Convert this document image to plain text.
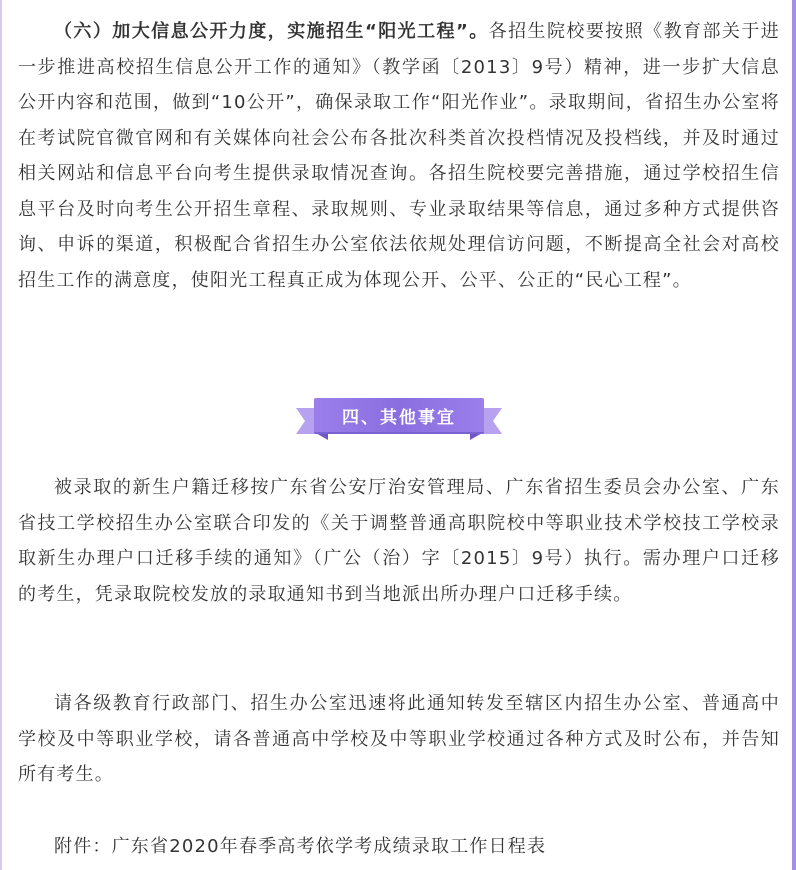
（六）加大信息公开力度，实施招生“阳光工程”。各招生院校要按照《教育部关于进一步推进高校招生信息公开工作的通知》（教学函〔2013〕9号）精神，进一步扩大信息公开内容和范围，做到“10公开”，确保录取工作“阳光作业”。录取期间，省招生办公室将在考试院官微官网和有关媒体向社会公布各批次科类首次投档情况及投档线，并及时通过相关网站和信息平台向考生提供录取情况查询。各招生院校要完善措施，通过学校招生信息平台及时向考生公开招生章程、录取规则、专业录取结果等信息，通过多种方式提供咨询、申诉的渠道，积极配合省招生办公室依法依规处理信访问题，不断提高全社会对高校招生工作的满意度，使阳光工程真正成为体现公开、公平、公正的“民心工程”。

四、其他事宜

被录取的新生户籍迁移按广东省公安厅治安管理局、广东省招生委员会办公室、广东省技工学校招生办公室联合印发的《关于调整普通高职院校中等职业技术学校技工学校录取新生办理户口迁移手续的通知》（广公（治）字〔2015〕9号）执行。需办理户口迁移的考生，凭录取院校发放的录取通知书到当地派出所办理户口迁移手续。

请各级教育行政部门、招生办公室迅速将此通知转发至辖区内招生办公室、普通高中学校及中等职业学校，请各普通高中学校及中等职业学校通过各种方式及时公布，并告知所有考生。

附件：广东省2020年春季高考依学考成绩录取工作日程表
